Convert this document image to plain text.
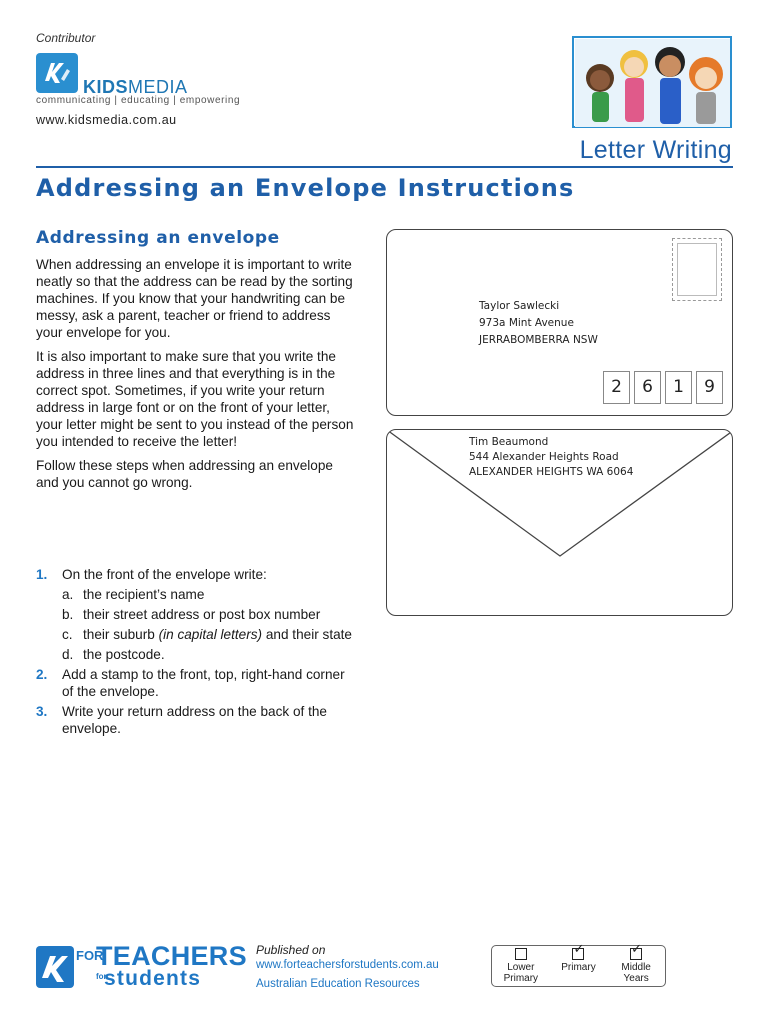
Contributor
KIDSMEDIA
communicating | educating | empowering
www.kidsmedia.com.au
Letter Writing
Addressing an Envelope Instructions
Addressing an envelope

When addressing an envelope it is important to write neatly so that the address can be read by the sorting machines. If you know that your handwriting can be messy, ask a parent, teacher or friend to address your envelope for you.

It is also important to make sure that you write the address in three lines and that everything is in the correct spot. Sometimes, if you write your return address in large font or on the front of your letter, your letter might be sent to you instead of the person you intended to receive the letter!

Follow these steps when addressing an envelope and you cannot go wrong.

1. On the front of the envelope write:
a. the recipient’s name
b. their street address or post box number
c. their suburb (in capital letters) and their state
d. the postcode.
2. Add a stamp to the front, top, right-hand corner of the envelope.
3. Write your return address on the back of the envelope.
Taylor Sawlecki
973a Mint Avenue
JERRABOMBERRA NSW
2	6	1	9
Tim Beaumond
544 Alexander Heights Road
ALEXANDER HEIGHTS WA 6064
FOR
TEACHERS
for
students
Published on
www.forteachersforstudents.com.au
Australian Education Resources
Lower Primary
✓
Primary
✓	Middle Years
